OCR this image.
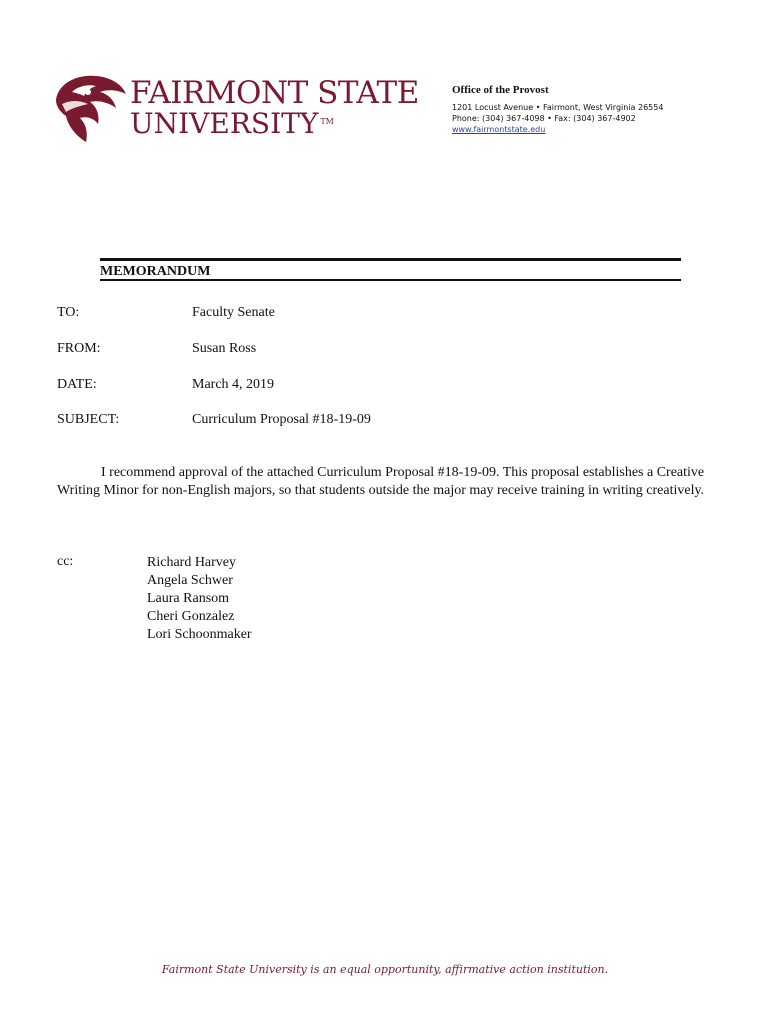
FAIRMONT STATE
UNIVERSITY ™
Office of the Provost
1201 Locust Avenue • Fairmont, West Virginia 26554
Phone: (304) 367-4098 • Fax: (304) 367-4902
www.fairmontstate.edu
MEMORANDUM
TO:	Faculty Senate
FROM:	Susan Ross
DATE:	March 4, 2019
SUBJECT:	Curriculum Proposal #18-19-09
I recommend approval of the attached Curriculum Proposal #18-19-09. This proposal establishes a Creative Writing Minor for non-English majors, so that students outside the major may receive training in writing creatively.
cc:	Richard Harvey
Angela Schwer
Laura Ransom
Cheri Gonzalez
Lori Schoonmaker
Fairmont State University is an equal opportunity, affirmative action institution.
